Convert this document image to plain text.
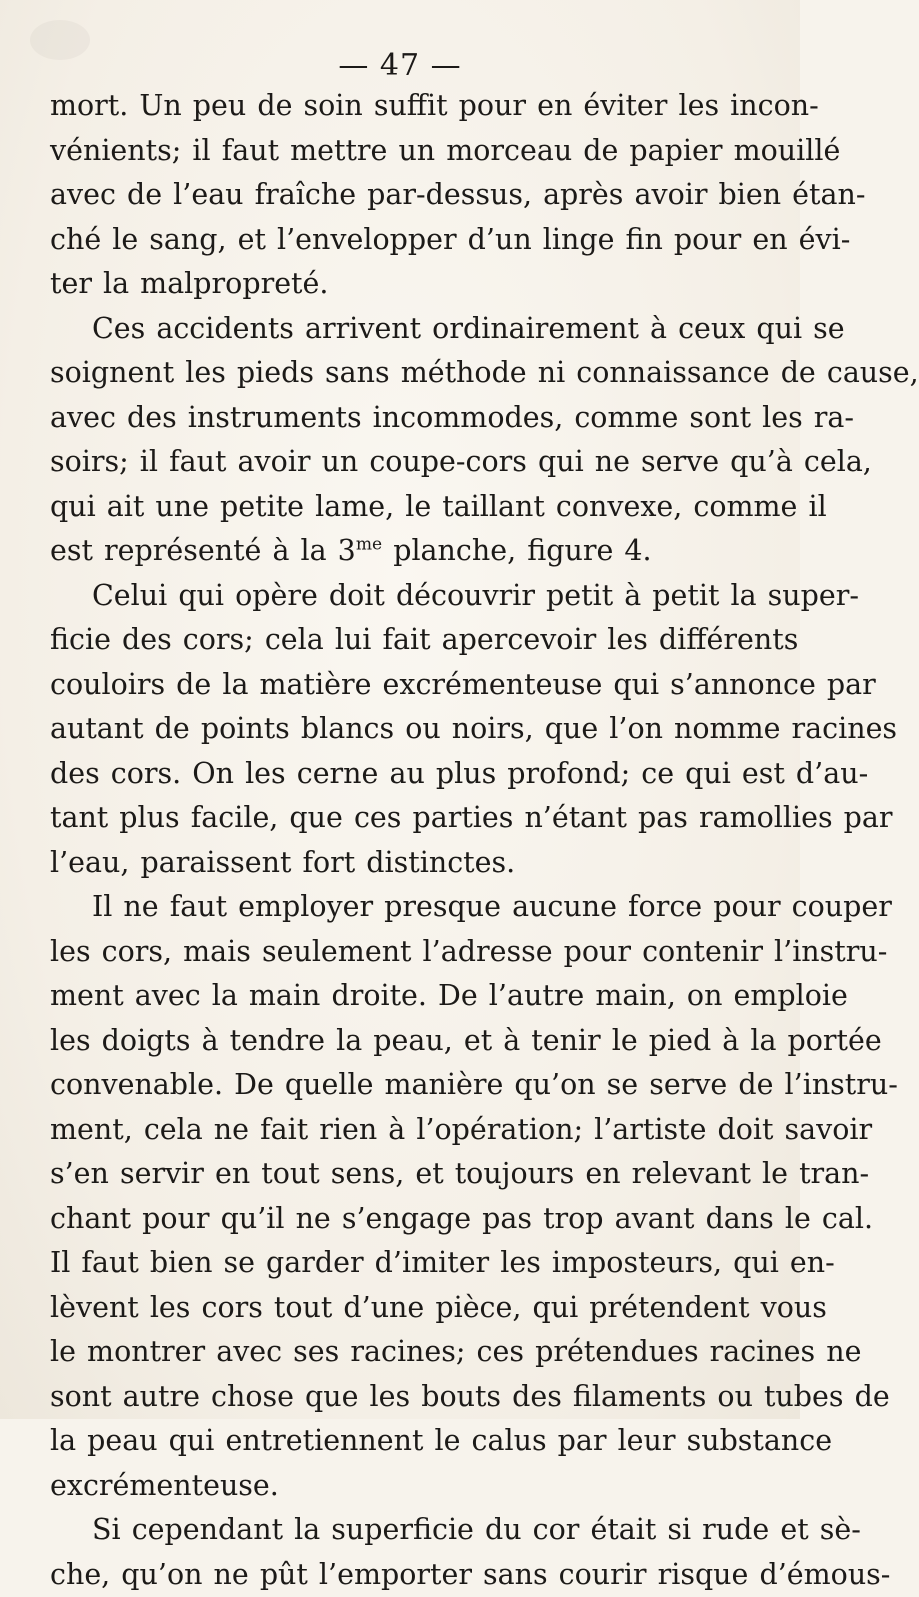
— 47 —
mort. Un peu de soin suffit pour en éviter les incon-
vénients; il faut mettre un morceau de papier mouillé
avec de l’eau fraîche par-dessus, après avoir bien étan-
ché le sang, et l’envelopper d’un linge fin pour en évi-
ter la malpropreté.
Ces accidents arrivent ordinairement à ceux qui se
soignent les pieds sans méthode ni connaissance de cause,
avec des instruments incommodes, comme sont les ra-
soirs; il faut avoir un coupe-cors qui ne serve qu’à cela,
qui ait une petite lame, le taillant convexe, comme il
est représenté à la $3^{me}$ planche, figure 4.
Celui qui opère doit découvrir petit à petit la super-
ficie des cors; cela lui fait apercevoir les différents
couloirs de la matière excrémenteuse qui s’annonce par
autant de points blancs ou noirs, que l’on nomme racines
des cors. On les cerne au plus profond; ce qui est d’au-
tant plus facile, que ces parties n’étant pas ramollies par
l’eau, paraissent fort distinctes.
Il ne faut employer presque aucune force pour couper
les cors, mais seulement l’adresse pour contenir l’instru-
ment avec la main droite. De l’autre main, on emploie
les doigts à tendre la peau, et à tenir le pied à la portée
convenable. De quelle manière qu’on se serve de l’instru-
ment, cela ne fait rien à l’opération; l’artiste doit savoir
s’en servir en tout sens, et toujours en relevant le tran-
chant pour qu’il ne s’engage pas trop avant dans le cal.
Il faut bien se garder d’imiter les imposteurs, qui en-
lèvent les cors tout d’une pièce, qui prétendent vous
le montrer avec ses racines; ces prétendues racines ne
sont autre chose que les bouts des filaments ou tubes de
la peau qui entretiennent le calus par leur substance
excrémenteuse.
Si cependant la superficie du cor était si rude et sè-
che, qu’on ne pût l’emporter sans courir risque d’émous-
